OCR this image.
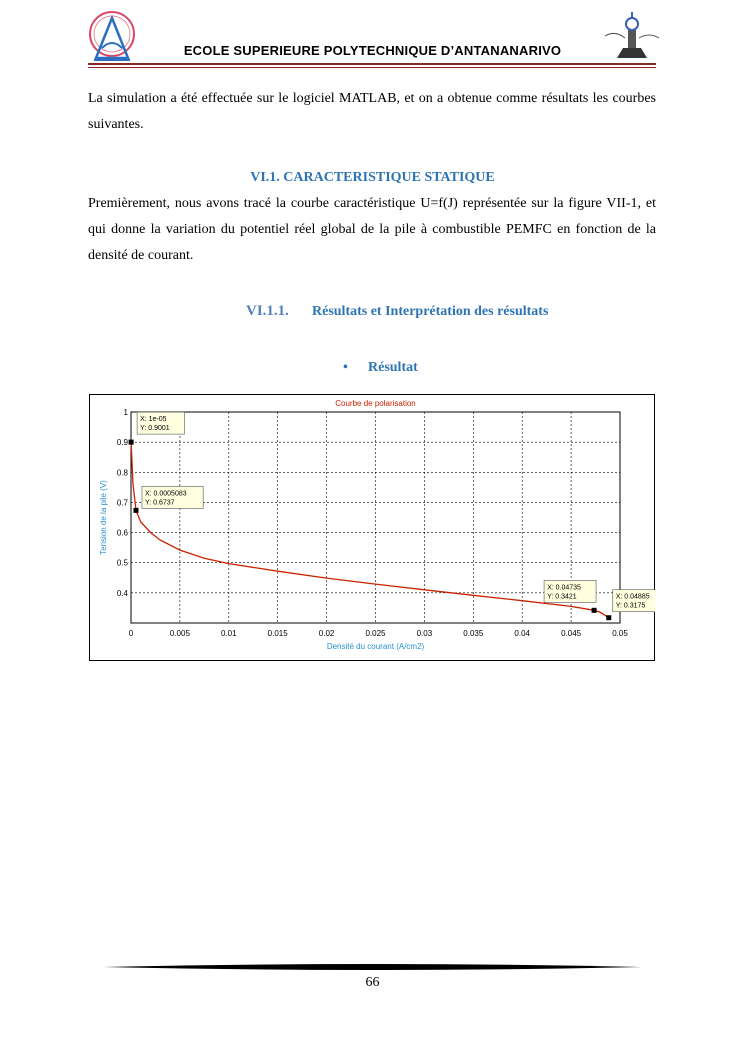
ECOLE SUPERIEURE POLYTECHNIQUE D’ANTANANARIVO

La simulation a été effectuée sur le logiciel MATLAB, et on a obtenue comme résultats les courbes suivantes.

VI.1. CARACTERISTIQUE STATIQUE

Premièrement, nous avons tracé la courbe caractéristique U=f(J) représentée sur la figure VII-1, et qui donne la variation du potentiel réel global de la pile à combustible PEMFC en fonction de la densité de courant.

VI.1.1. Résultats et Interprétation des résultats
• Résultat
0	0.005	0.01	0.015	0.02	0.025	0.03	0.035	0.04	0.045	0.05
0.4
0.5
0.6
0.7
0.8
0.9
1
X: 1e-05
Y: 0.9001
X: 0.0005083
Y: 0.6737
X: 0.04735
Y: 0.3421	X: 0.04885
Y: 0.3175
Courbe de polarisation
Densité du courant (A/cm2)
Tension de la pile (V)
66
